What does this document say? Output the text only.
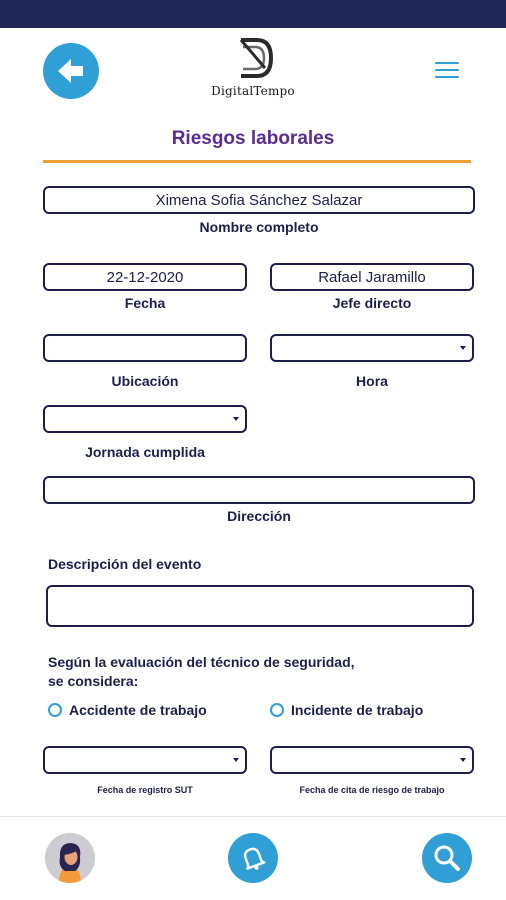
DigitalTempo
Riesgos laborales
Ximena Sofia Sánchez Salazar
Nombre completo
22-12-2020
Fecha
Rafael Jaramillo
Jefe directo
Ubicación	Hora
Jornada cumplida
Dirección
Descripción del evento
Según la evaluación del técnico de seguridad,
se considera:
Accidente de trabajo	Incidente de trabajo
Fecha de registro SUT	Fecha de cita de riesgo de trabajo
